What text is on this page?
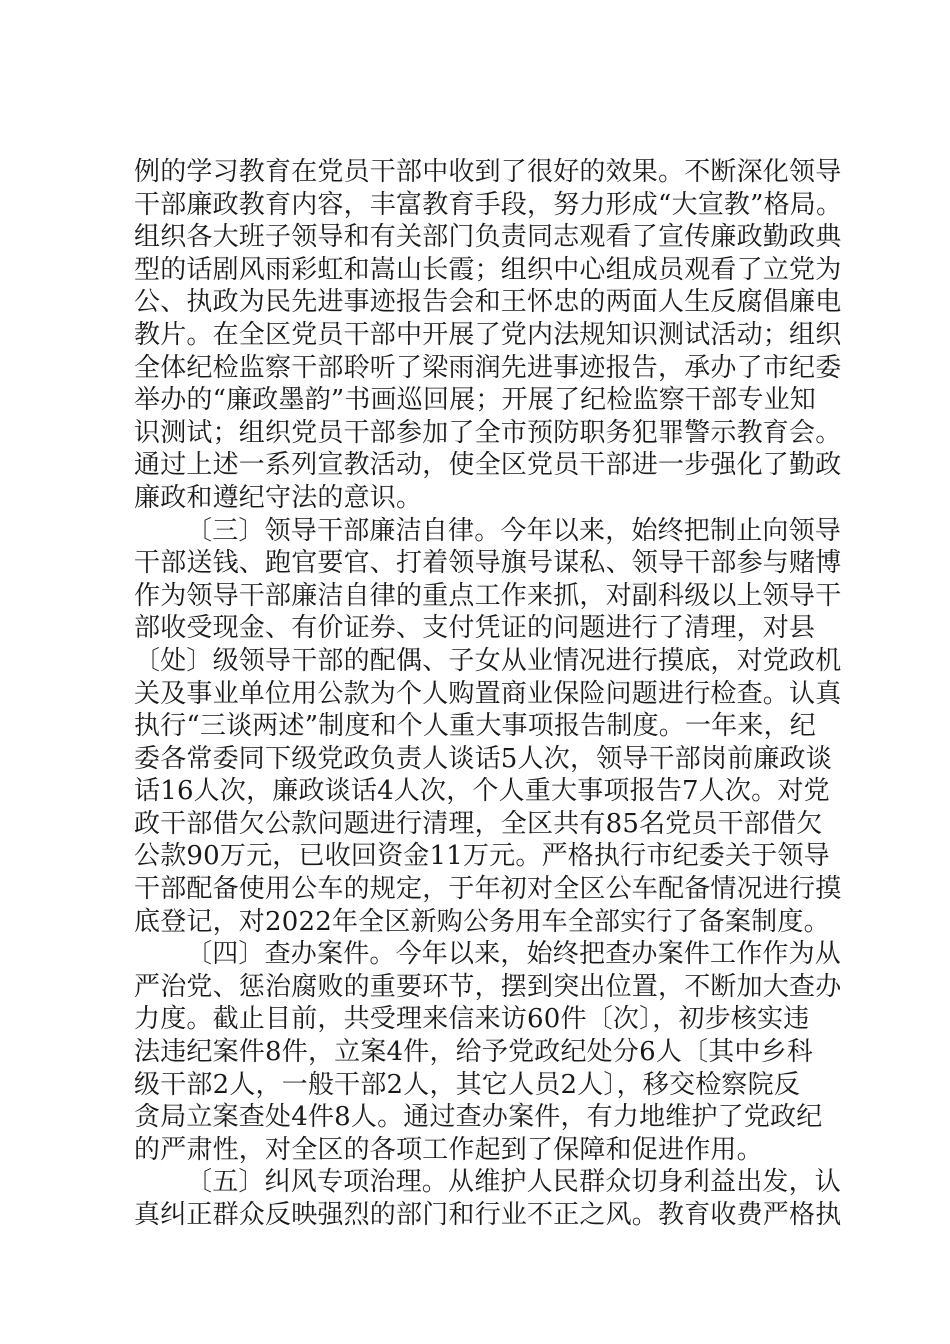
例的学习教育在党员干部中收到了很好的效果。不断深化领导
干部廉政教育内容，丰富教育手段，努力形成“大宣教”格局。
组织各大班子领导和有关部门负责同志观看了宣传廉政勤政典
型的话剧风雨彩虹和嵩山长霞；组织中心组成员观看了立党为
公、执政为民先进事迹报告会和王怀忠的两面人生反腐倡廉电
教片。在全区党员干部中开展了党内法规知识测试活动；组织
全体纪检监察干部聆听了梁雨润先进事迹报告，承办了市纪委
举办的“廉政墨韵”书画巡回展；开展了纪检监察干部专业知
识测试；组织党员干部参加了全市预防职务犯罪警示教育会。
通过上述一系列宣教活动，使全区党员干部进一步强化了勤政
廉政和遵纪守法的意识。
〔三〕领导干部廉洁自律。今年以来，始终把制止向领导
干部送钱、跑官要官、打着领导旗号谋私、领导干部参与赌博
作为领导干部廉洁自律的重点工作来抓，对副科级以上领导干
部收受现金、有价证券、支付凭证的问题进行了清理，对县
〔处〕级领导干部的配偶、子女从业情况进行摸底，对党政机
关及事业单位用公款为个人购置商业保险问题进行检查。认真
执行“三谈两述”制度和个人重大事项报告制度。一年来，纪
委各常委同下级党政负责人谈话5人次，领导干部岗前廉政谈
话16人次，廉政谈话4人次，个人重大事项报告7人次。对党
政干部借欠公款问题进行清理，全区共有85名党员干部借欠
公款90万元，已收回资金11万元。严格执行市纪委关于领导
干部配备使用公车的规定，于年初对全区公车配备情况进行摸
底登记，对2022年全区新购公务用车全部实行了备案制度。
〔四〕查办案件。今年以来，始终把查办案件工作作为从
严治党、惩治腐败的重要环节，摆到突出位置，不断加大查办
力度。截止目前，共受理来信来访60件〔次〕，初步核实违
法违纪案件8件，立案4件，给予党政纪处分6人〔其中乡科
级干部2人，一般干部2人，其它人员2人〕，移交检察院反
贪局立案查处4件8人。通过查办案件，有力地维护了党政纪
的严肃性，对全区的各项工作起到了保障和促进作用。
〔五〕纠风专项治理。从维护人民群众切身利益出发，认
真纠正群众反映强烈的部门和行业不正之风。教育收费严格执
